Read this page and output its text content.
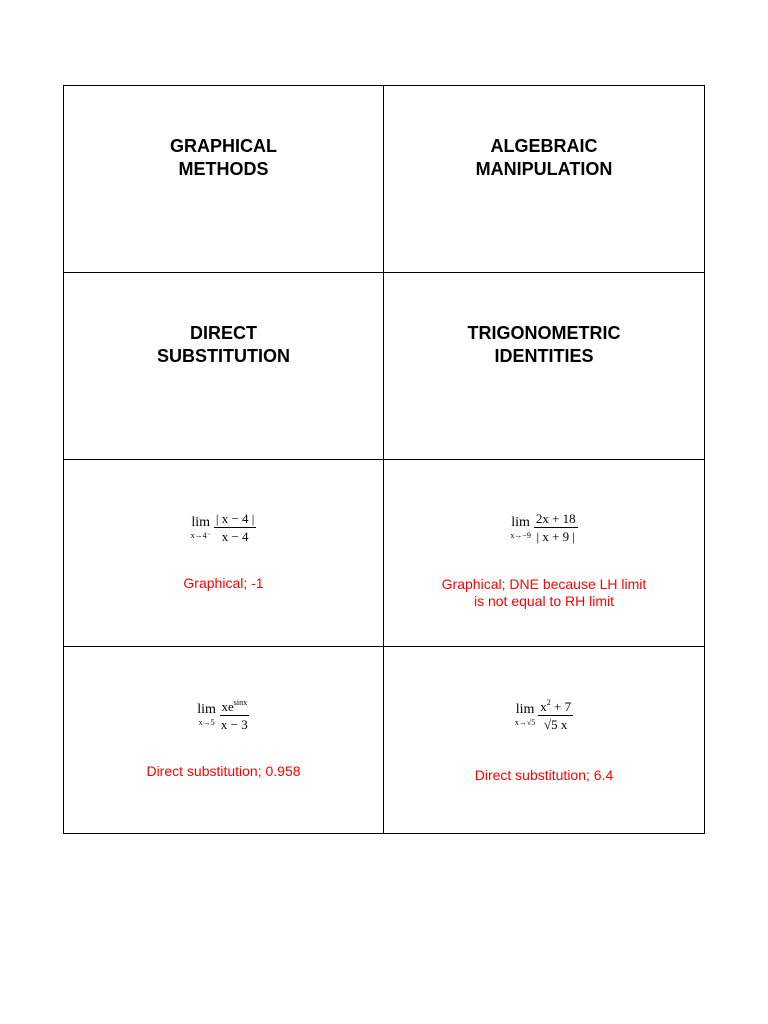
GRAPHICAL
METHODS
ALGEBRAIC
MANIPULATION
DIRECT
SUBSTITUTION
TRIGONOMETRIC
IDENTITIES
lim
$x\to 4^- \frac{| x - 4 |}{x - 4}$
Graphical; -1
lim
$x\to-9 \frac{2x + 18}{| x + 9 |}$
Graphical; DNE because LH limit
is not equal to RH limit
lim
$x\to 5 \frac{xe^{sinx}}{x - 3}$
Direct substitution; 0.958
lim
$x\to√5 \frac{x^2 + 7}{√5 x}$
Direct substitution; 6.4
